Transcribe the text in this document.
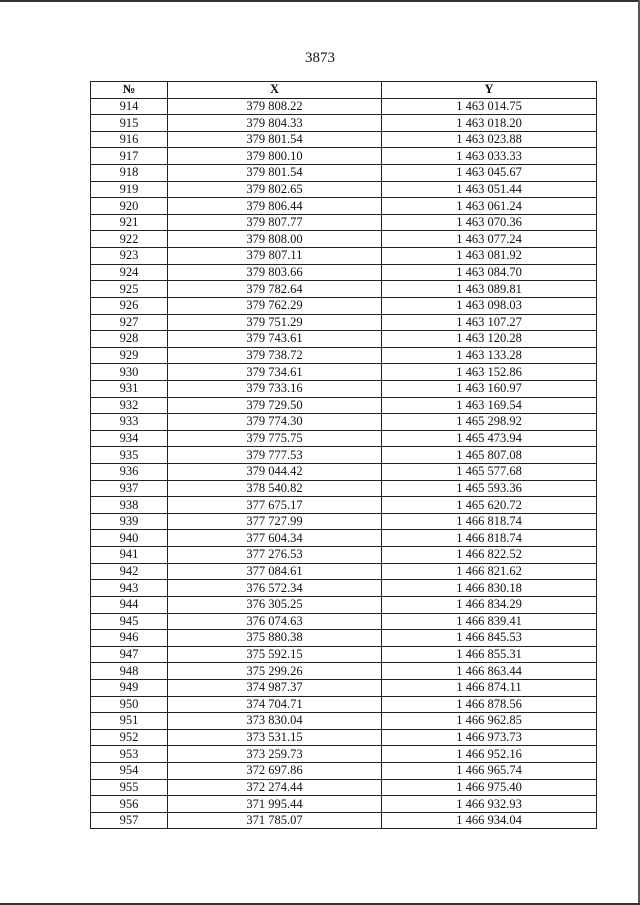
3873
№	X	Y
914	379 808.22	1 463 014.75
915	379 804.33	1 463 018.20
916	379 801.54	1 463 023.88
917	379 800.10	1 463 033.33
918	379 801.54	1 463 045.67
919	379 802.65	1 463 051.44
920	379 806.44	1 463 061.24
921	379 807.77	1 463 070.36
922	379 808.00	1 463 077.24
923	379 807.11	1 463 081.92
924	379 803.66	1 463 084.70
925	379 782.64	1 463 089.81
926	379 762.29	1 463 098.03
927	379 751.29	1 463 107.27
928	379 743.61	1 463 120.28
929	379 738.72	1 463 133.28
930	379 734.61	1 463 152.86
931	379 733.16	1 463 160.97
932	379 729.50	1 463 169.54
933	379 774.30	1 465 298.92
934	379 775.75	1 465 473.94
935	379 777.53	1 465 807.08
936	379 044.42	1 465 577.68
937	378 540.82	1 465 593.36
938	377 675.17	1 465 620.72
939	377 727.99	1 466 818.74
940	377 604.34	1 466 818.74
941	377 276.53	1 466 822.52
942	377 084.61	1 466 821.62
943	376 572.34	1 466 830.18
944	376 305.25	1 466 834.29
945	376 074.63	1 466 839.41
946	375 880.38	1 466 845.53
947	375 592.15	1 466 855.31
948	375 299.26	1 466 863.44
949	374 987.37	1 466 874.11
950	374 704.71	1 466 878.56
951	373 830.04	1 466 962.85
952	373 531.15	1 466 973.73
953	373 259.73	1 466 952.16
954	372 697.86	1 466 965.74
955	372 274.44	1 466 975.40
956	371 995.44	1 466 932.93
957	371 785.07	1 466 934.04
